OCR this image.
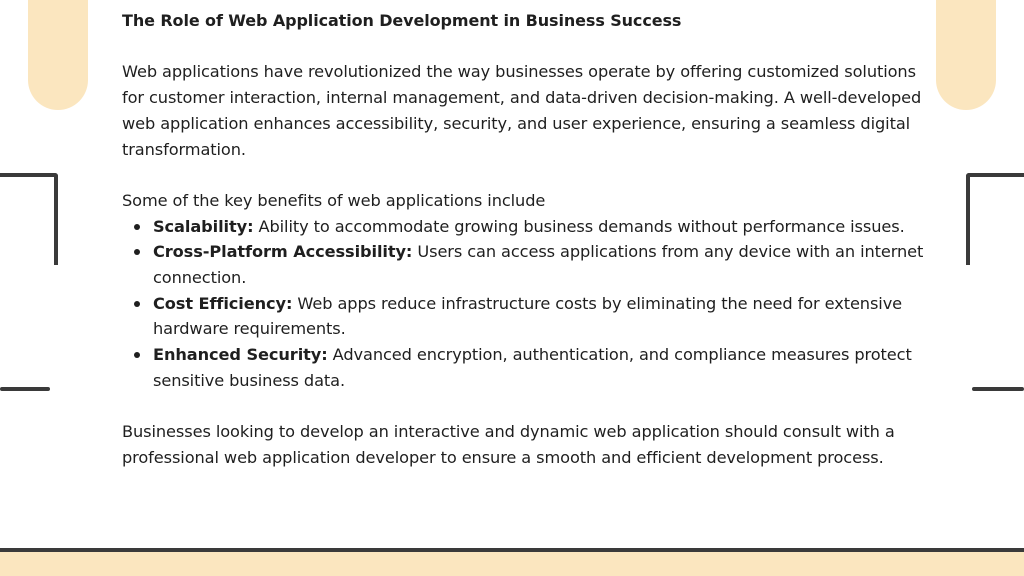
The Role of Web Application Development in Business Success

Web applications have revolutionized the way businesses operate by offering customized solutions for customer interaction, internal management, and data-driven decision-making. A well-developed web application enhances accessibility, security, and user experience, ensuring a seamless digital transformation.

Some of the key benefits of web applications include

Scalability: Ability to accommodate growing business demands without performance issues.
Cross-Platform Accessibility: Users can access applications from any device with an internet connection.
Cost Efficiency: Web apps reduce infrastructure costs by eliminating the need for extensive hardware requirements.
Enhanced Security: Advanced encryption, authentication, and compliance measures protect sensitive business data.

Businesses looking to develop an interactive and dynamic web application should consult with a professional web application developer to ensure a smooth and efficient development process.
